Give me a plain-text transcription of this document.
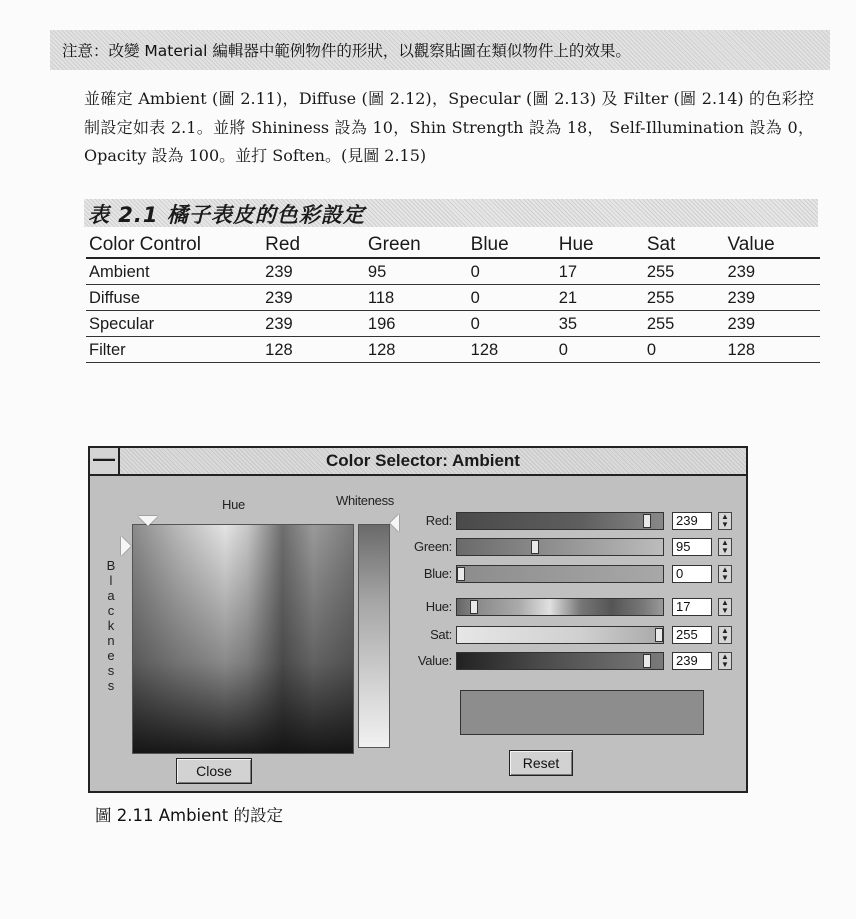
注意：改變 Material 編輯器中範例物件的形狀，以觀察貼圖在類似物件上的效果。
並確定 Ambient (圖 2.11)，Diffuse (圖 2.12)，Specular (圖 2.13) 及 Filter (圖 2.14) 的色彩控制設定如表 2.1。並將 Shininess 設為 10，Shin Strength 設為 18， Self-Illumination 設為 0，Opacity 設為 100。並打 Soften。(見圖 2.15)
表 2.1 橘子表皮的色彩設定
Color Control	Red	Green	Blue	Hue	Sat	Value
Ambient	239	95	0	17	255	239
Diffuse	239	118	0	21	255	239
Specular	239	196	0	35	255	239
Filter	128	128	128	0	0	128
—	Color Selector: Ambient
Hue	Whiteness
B
l
a
c
k
n
e
s
s
Red:	239	▲
▼
Green:	95	▲
▼
Blue:	0	▲
▼
Hue:	17	▲
▼
Sat:	255	▲
▼
Value:	239	▲
▼
Close	Reset
圖 2.11 Ambient 的設定
